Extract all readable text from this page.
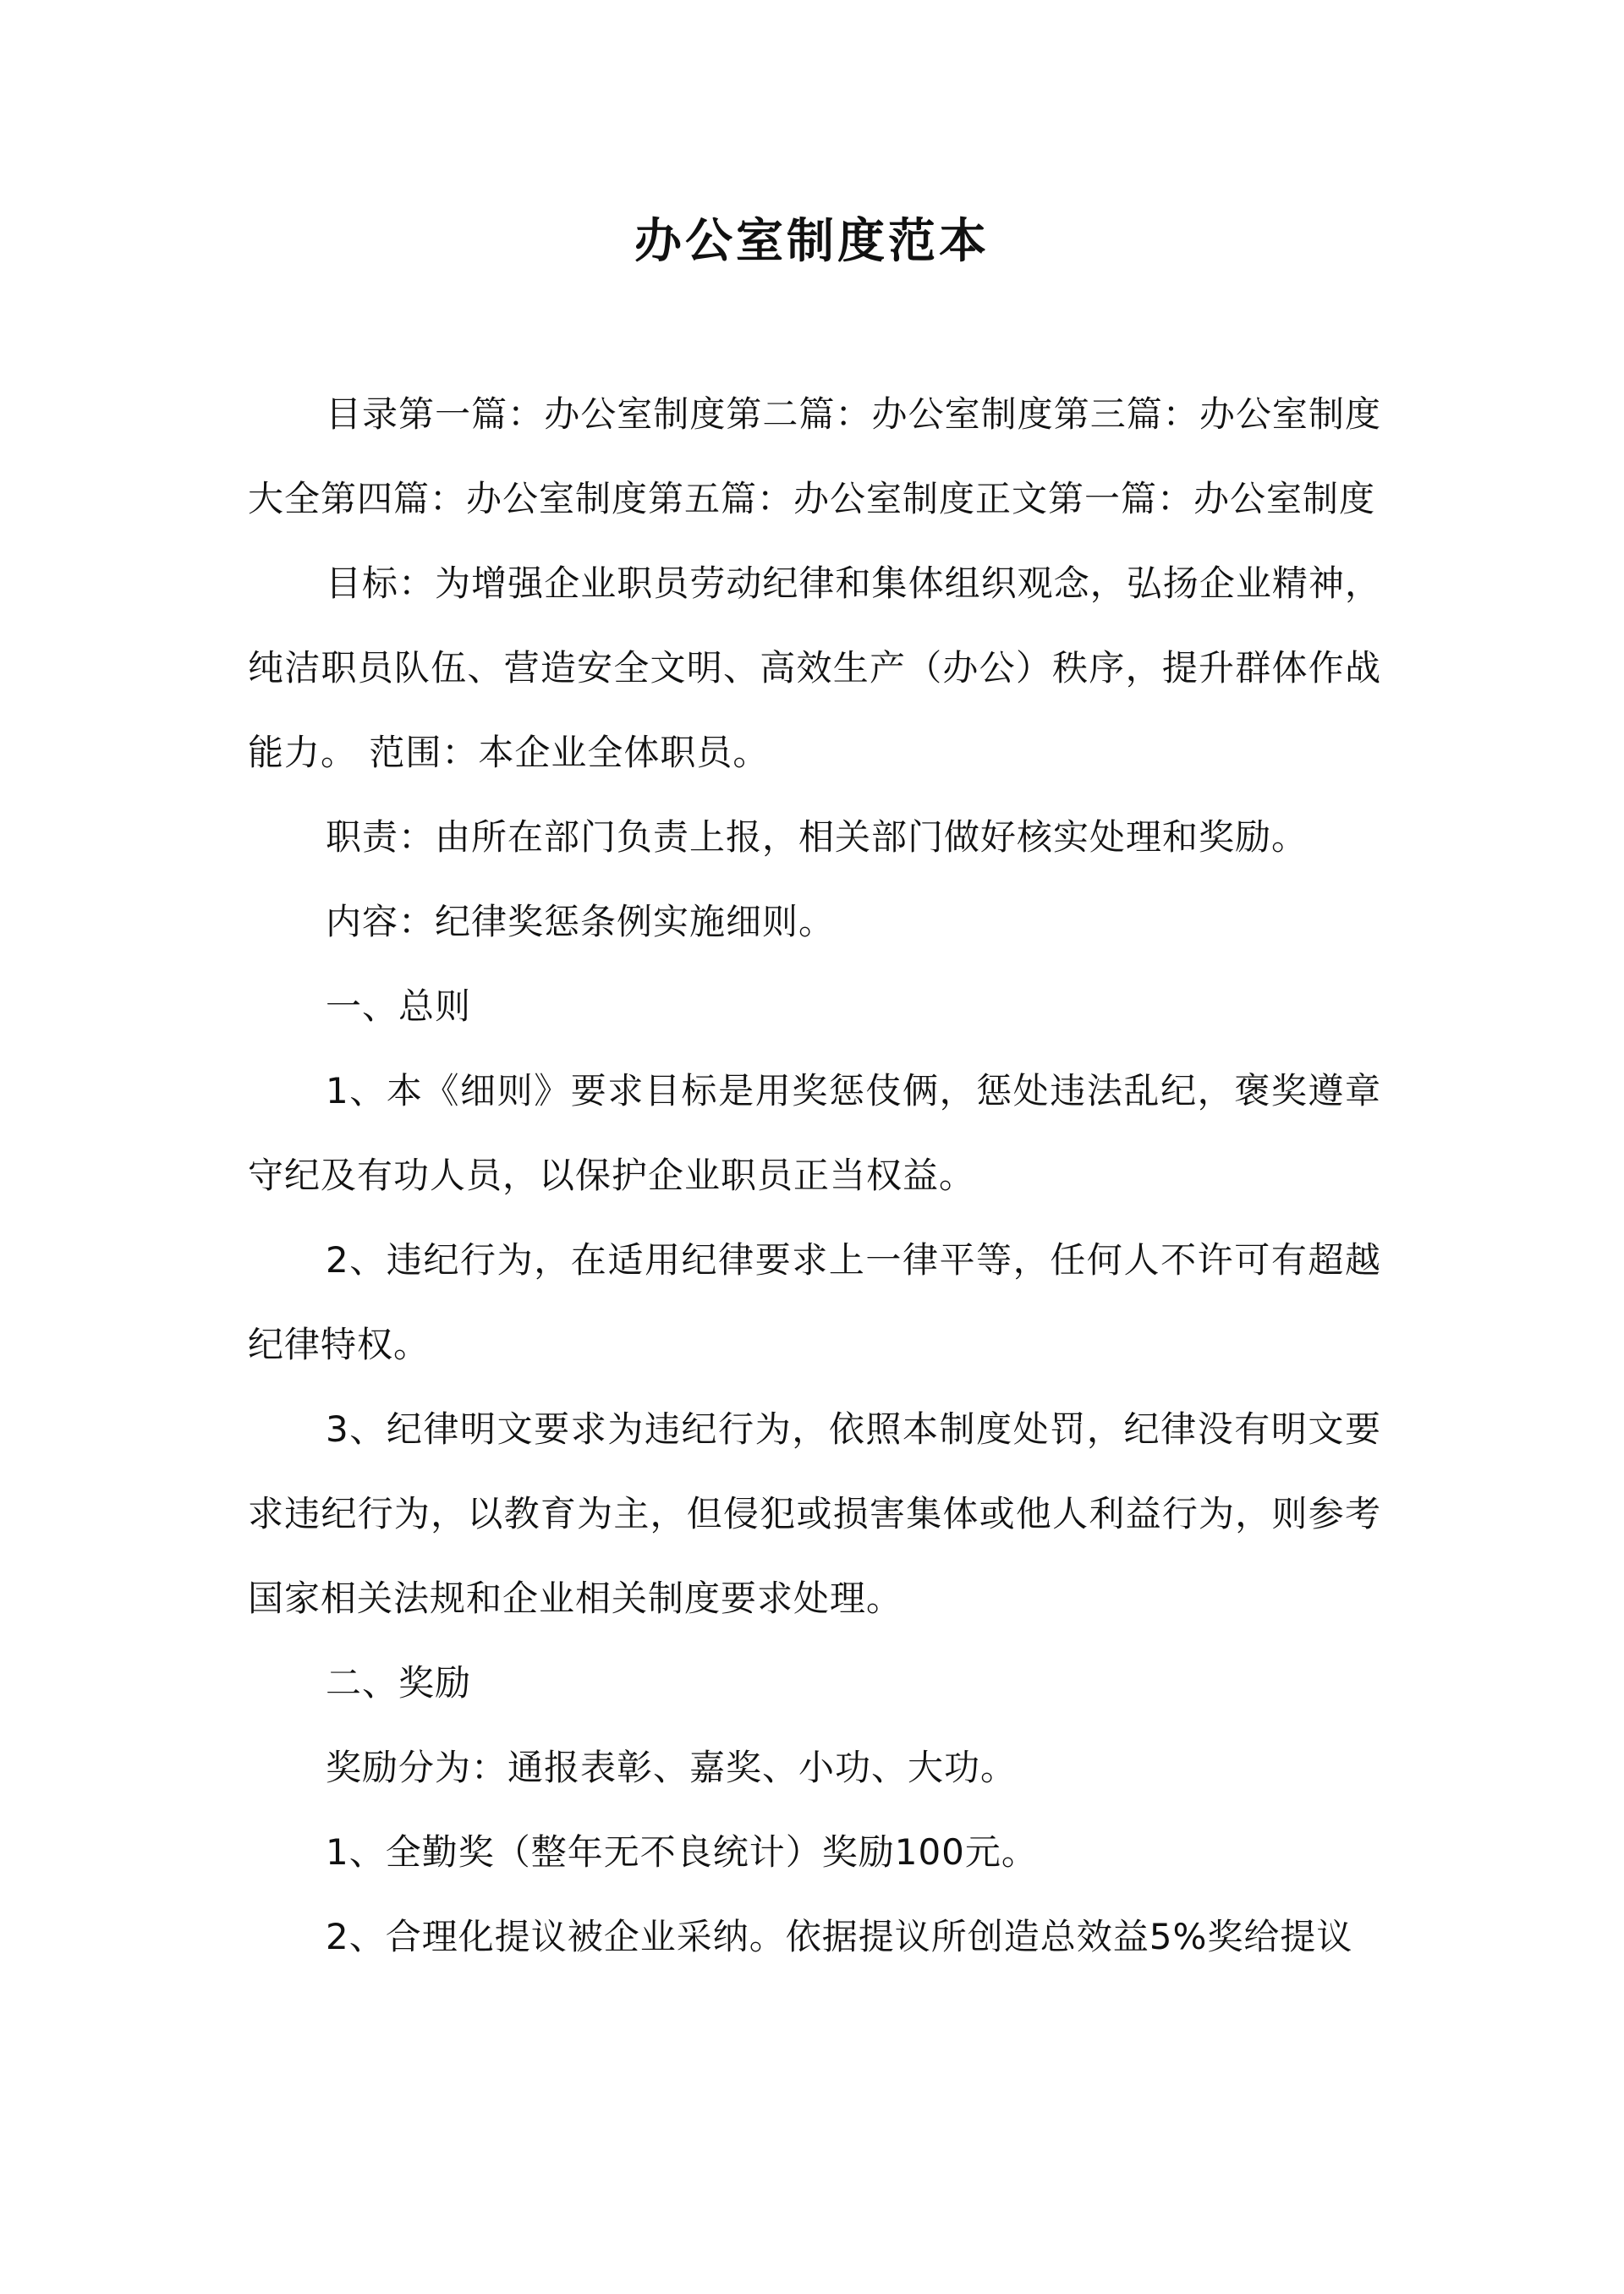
办公室制度范本

目录第一篇：办公室制度第二篇：办公室制度第三篇：办公室制度大全第四篇：办公室制度第五篇：办公室制度正文第一篇：办公室制度

目标：为增强企业职员劳动纪律和集体组织观念，弘扬企业精神，纯洁职员队伍、营造安全文明、高效生产（办公）秩序，提升群体作战能力。 范围：本企业全体职员。

职责：由所在部门负责上报，相关部门做好核实处理和奖励。

内容：纪律奖惩条例实施细则。

一、总则

1、本《细则》要求目标是用奖惩伎俩，惩处违法乱纪，褒奖遵章守纪及有功人员，以保护企业职员正当权益。

2、违纪行为，在适用纪律要求上一律平等，任何人不许可有超越纪律特权。

3、纪律明文要求为违纪行为，依照本制度处罚，纪律没有明文要求违纪行为，以教育为主，但侵犯或损害集体或他人利益行为，则参考国家相关法规和企业相关制度要求处理。

二、奖励

奖励分为：通报表彰、嘉奖、小功、大功。

1、全勤奖（整年无不良统计）奖励100元。

2、合理化提议被企业采纳。依据提议所创造总效益5%奖给提议
